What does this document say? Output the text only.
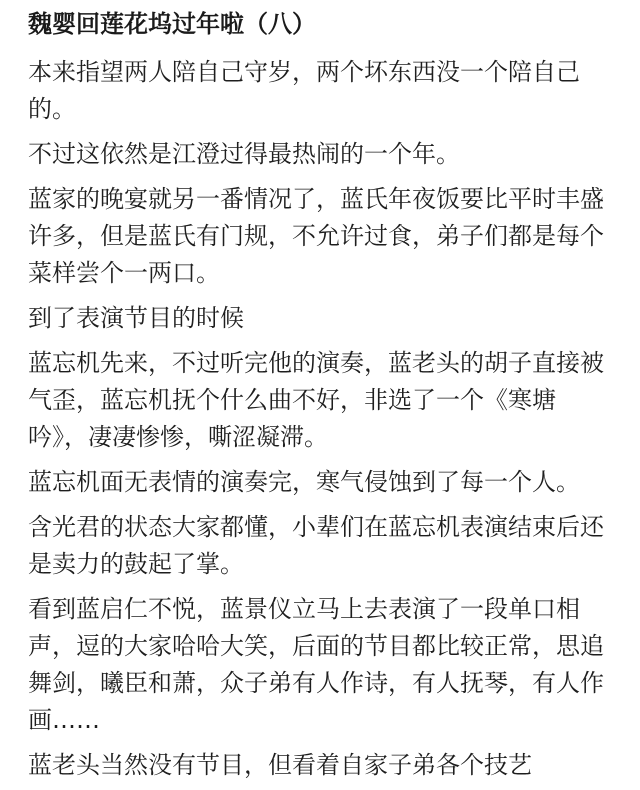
魏婴回莲花坞过年啦（八）

本来指望两人陪自己守岁，两个坏东西没一个陪自己的。

不过这依然是江澄过得最热闹的一个年。

蓝家的晚宴就另一番情况了，蓝氏年夜饭要比平时丰盛许多，但是蓝氏有门规，不允许过食，弟子们都是每个菜样尝个一两口。

到了表演节目的时候

蓝忘机先来，不过听完他的演奏，蓝老头的胡子直接被气歪，蓝忘机抚个什么曲不好，非选了一个《寒塘吟》，凄凄惨惨，嘶涩凝滞。

蓝忘机面无表情的演奏完，寒气侵蚀到了每一个人。

含光君的状态大家都懂，小辈们在蓝忘机表演结束后还是卖力的鼓起了掌。

看到蓝启仁不悦，蓝景仪立马上去表演了一段单口相声，逗的大家哈哈大笑，后面的节目都比较正常，思追舞剑，曦臣和萧，众子弟有人作诗，有人抚琴，有人作画……

蓝老头当然没有节目，但看着自家子弟各个技艺
